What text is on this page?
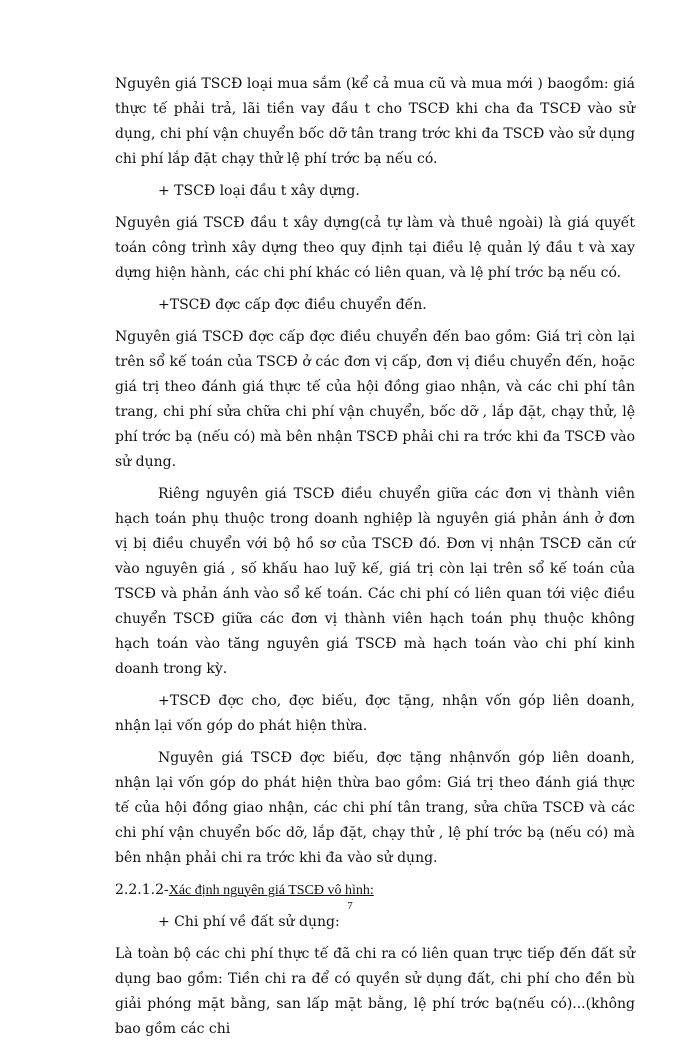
Nguyên giá TSCĐ loại mua sắm (kể cả mua cũ và mua mới ) baogồm: giá thực tế phải trả, lãi tiền vay đầu t cho TSCĐ khi cha đa TSCĐ vào sử dụng, chi phí vận chuyển bốc dỡ tân trang trớc khi đa TSCĐ vào sử dụng chi phí lắp đặt chạy thử lệ phí trớc bạ nếu có.

+ TSCĐ loại đầu t xây dựng.

Nguyên giá TSCĐ đầu t xây dựng(cả tự làm và thuê ngoài) là giá quyết toán công trình xây dựng theo quy định tại điều lệ quản lý đầu t và xay dựng hiện hành, các chi phí khác có liên quan, và lệ phí trớc bạ nếu có.

+TSCĐ đợc cấp đợc điều chuyển đến.

Nguyên giá TSCĐ đợc cấp đợc điều chuyển đến bao gồm: Giá trị còn lại trên sổ kế toán của TSCĐ ở các đơn vị cấp, đơn vị điều chuyển đến, hoặc giá trị theo đánh giá thực tế của hội đồng giao nhận, và các chi phí tân trang, chi phí sửa chữa chi phí vận chuyển, bốc dỡ , lắp đặt, chạy thử, lệ phí trớc bạ (nếu có) mà bên nhận TSCĐ phải chi ra trớc khi đa TSCĐ vào sử dụng.

Riêng nguyên giá TSCĐ điều chuyển giữa các đơn vị thành viên hạch toán phụ thuộc trong doanh nghiệp là nguyên giá phản ánh ở đơn vị bị điều chuyển với bộ hồ sơ của TSCĐ đó. Đơn vị nhận TSCĐ căn cứ vào nguyên giá , số khấu hao luỹ kế, giá trị còn lại trên sổ kế toán của TSCĐ và phản ánh vào sổ kế toán. Các chi phí có liên quan tới việc điều chuyển TSCĐ giữa các đơn vị thành viên hạch toán phụ thuộc không hạch toán vào tăng nguyên giá TSCĐ mà hạch toán vào chi phí kinh doanh trong kỳ.

+TSCĐ đợc cho, đợc biếu, đợc tặng, nhận vốn góp liên doanh, nhận lại vốn góp do phát hiện thừa.

Nguyên giá TSCĐ đợc biếu, đợc tặng nhậnvốn góp liên doanh, nhận lại vốn góp do phát hiện thừa bao gồm: Giá trị theo đánh giá thực tế của hội đồng giao nhận, các chi phí tân trang, sửa chữa TSCĐ và các chi phí vận chuyển bốc dỡ, lắp đặt, chạy thử , lệ phí trớc bạ (nếu có) mà bên nhận phải chi ra trớc khi đa vào sử dụng.

2.2.1.2-Xác định nguyên giá TSCĐ vô hình:

+ Chi phí về đất sử dụng:

Là toàn bộ các chi phí thực tế đã chi ra có liên quan trực tiếp đến đất sử dụng bao gồm: Tiền chi ra để có quyền sử dụng đất, chi phí cho đền bù giải phóng mặt bằng, san lấp mặt bằng, lệ phí trớc bạ(nếu có)...(không bao gồm các chi

7
